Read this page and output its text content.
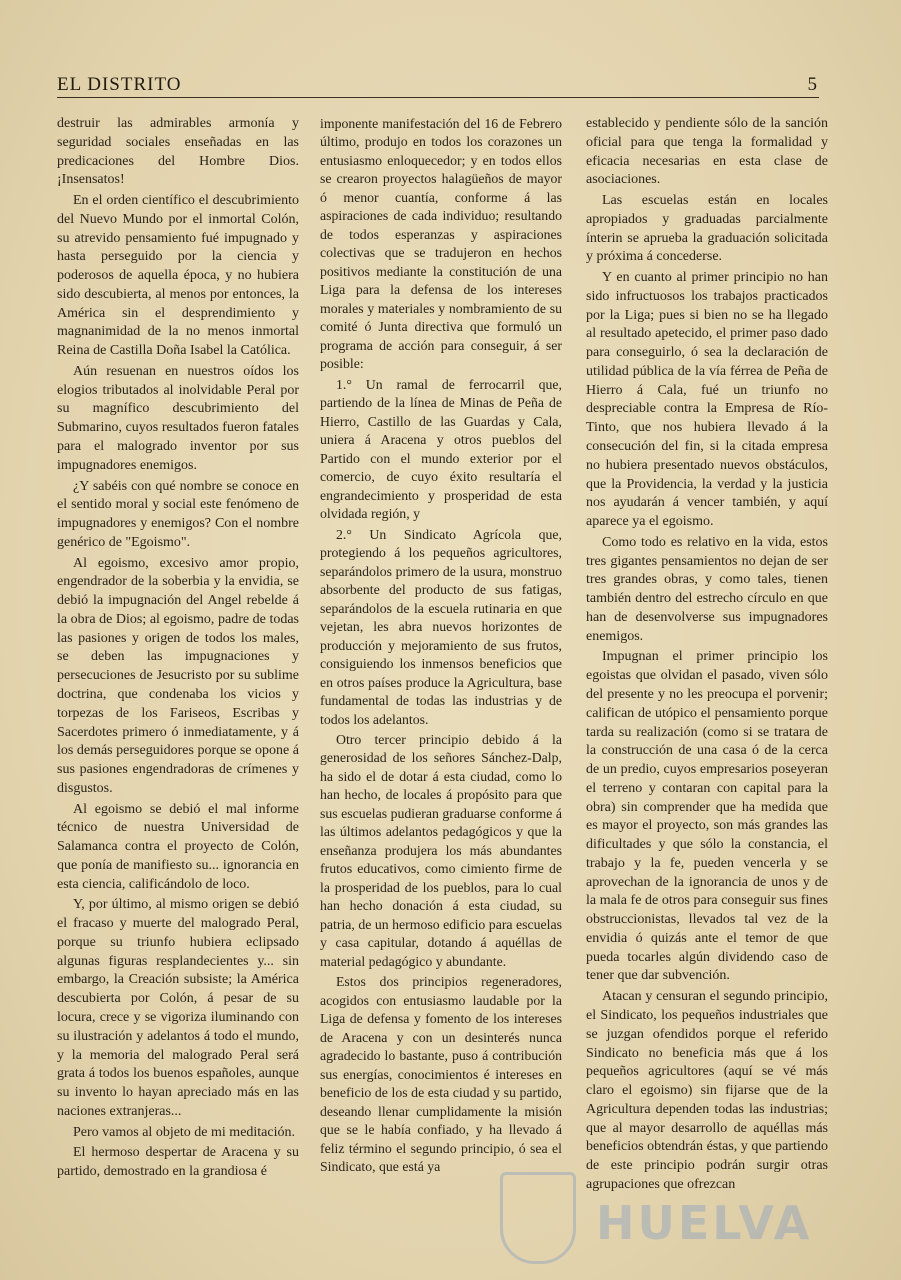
EL DISTRITO	5

destruir las admirables armonía y seguridad sociales enseñadas en las predicaciones del Hombre Dios. ¡Insensatos!

En el orden científico el descubrimiento del Nuevo Mundo por el inmortal Colón, su atrevido pensamiento fué impugnado y hasta perseguido por la ciencia y poderosos de aquella época, y no hubiera sido descubierta, al menos por entonces, la América sin el desprendimiento y magnanimidad de la no menos inmortal Reina de Castilla Doña Isabel la Católica.

Aún resuenan en nuestros oídos los elogios tributados al inolvidable Peral por su magnífico descubrimiento del Submarino, cuyos resultados fueron fatales para el malogrado inventor por sus impugnadores enemigos.

¿Y sabéis con qué nombre se conoce en el sentido moral y social este fenómeno de impugnadores y enemigos? Con el nombre genérico de "Egoismo".

Al egoismo, excesivo amor propio, engendrador de la soberbia y la envidia, se debió la impugnación del Angel rebelde á la obra de Dios; al egoismo, padre de todas las pasiones y origen de todos los males, se deben las impugnaciones y persecuciones de Jesucristo por su sublime doctrina, que condenaba los vicios y torpezas de los Fariseos, Escribas y Sacerdotes primero ó inmediatamente, y á los demás perseguidores porque se opone á sus pasiones engendradoras de crímenes y disgustos.

Al egoismo se debió el mal informe técnico de nuestra Universidad de Salamanca contra el proyecto de Colón, que ponía de manifiesto su... ignorancia en esta ciencia, calificándolo de loco.

Y, por último, al mismo origen se debió el fracaso y muerte del malogrado Peral, porque su triunfo hubiera eclipsado algunas figuras resplandecientes y... sin embargo, la Creación subsiste; la América descubierta por Colón, á pesar de su locura, crece y se vigoriza iluminando con su ilustración y adelantos á todo el mundo, y la memoria del malogrado Peral será grata á todos los buenos españoles, aunque su invento lo hayan apreciado más en las naciones extranjeras...

Pero vamos al objeto de mi meditación.

El hermoso despertar de Aracena y su partido, demostrado en la grandiosa é

imponente manifestación del 16 de Febrero último, produjo en todos los corazones un entusiasmo enloquecedor; y en todos ellos se crearon proyectos halagüeños de mayor ó menor cuantía, conforme á las aspiraciones de cada individuo; resultando de todos esperanzas y aspiraciones colectivas que se tradujeron en hechos positivos mediante la constitución de una Liga para la defensa de los intereses morales y materiales y nombramiento de su comité ó Junta directiva que formuló un programa de acción para conseguir, á ser posible:

1.° Un ramal de ferrocarril que, partiendo de la línea de Minas de Peña de Hierro, Castillo de las Guardas y Cala, uniera á Aracena y otros pueblos del Partido con el mundo exterior por el comercio, de cuyo éxito resultaría el engrandecimiento y prosperidad de esta olvidada región, y

2.° Un Sindicato Agrícola que, protegiendo á los pequeños agricultores, separándolos primero de la usura, monstruo absorbente del producto de sus fatigas, separándolos de la escuela rutinaria en que vejetan, les abra nuevos horizontes de producción y mejoramiento de sus frutos, consiguiendo los inmensos beneficios que en otros países produce la Agricultura, base fundamental de todas las industrias y de todos los adelantos.

Otro tercer principio debido á la generosidad de los señores Sánchez-Dalp, ha sido el de dotar á esta ciudad, como lo han hecho, de locales á propósito para que sus escuelas pudieran graduarse conforme á las últimos adelantos pedagógicos y que la enseñanza produjera los más abundantes frutos educativos, como cimiento firme de la prosperidad de los pueblos, para lo cual han hecho donación á esta ciudad, su patria, de un hermoso edificio para escuelas y casa capitular, dotando á aquéllas de material pedagógico y abundante.

Estos dos principios regeneradores, acogidos con entusiasmo laudable por la Liga de defensa y fomento de los intereses de Aracena y con un desinterés nunca agradecido lo bastante, puso á contribución sus energías, conocimientos é intereses en beneficio de los de esta ciudad y su partido, deseando llenar cumplidamente la misión que se le había confiado, y ha llevado á feliz término el segundo principio, ó sea el Sindicato, que está ya

establecido y pendiente sólo de la sanción oficial para que tenga la formalidad y eficacia necesarias en esta clase de asociaciones.

Las escuelas están en locales apropiados y graduadas parcialmente ínterin se aprueba la graduación solicitada y próxima á concederse.

Y en cuanto al primer principio no han sido infructuosos los trabajos practicados por la Liga; pues si bien no se ha llegado al resultado apetecido, el primer paso dado para conseguirlo, ó sea la declaración de utilidad pública de la vía férrea de Peña de Hierro á Cala, fué un triunfo no despreciable contra la Empresa de Río-Tinto, que nos hubiera llevado á la consecución del fin, si la citada empresa no hubiera presentado nuevos obstáculos, que la Providencia, la verdad y la justicia nos ayudarán á vencer también, y aquí aparece ya el egoismo.

Como todo es relativo en la vida, estos tres gigantes pensamientos no dejan de ser tres grandes obras, y como tales, tienen también dentro del estrecho círculo en que han de desenvolverse sus impugnadores enemigos.

Impugnan el primer principio los egoistas que olvidan el pasado, viven sólo del presente y no les preocupa el porvenir; califican de utópico el pensamiento porque tarda su realización (como si se tratara de la construcción de una casa ó de la cerca de un predio, cuyos empresarios poseyeran el terreno y contaran con capital para la obra) sin comprender que ha medida que es mayor el proyecto, son más grandes las dificultades y que sólo la constancia, el trabajo y la fe, pueden vencerla y se aprovechan de la ignorancia de unos y de la mala fe de otros para conseguir sus fines obstruccionistas, llevados tal vez de la envidia ó quizás ante el temor de que pueda tocarles algún dividendo caso de tener que dar subvención.

Atacan y censuran el segundo principio, el Sindicato, los pequeños industriales que se juzgan ofendidos porque el referido Sindicato no beneficia más que á los pequeños agricultores (aquí se vé más claro el egoismo) sin fijarse que de la Agricultura dependen todas las industrias; que al mayor desarrollo de aquéllas más beneficios obtendrán éstas, y que partiendo de este principio podrán surgir otras agrupaciones que ofrezcan

HUELVA
